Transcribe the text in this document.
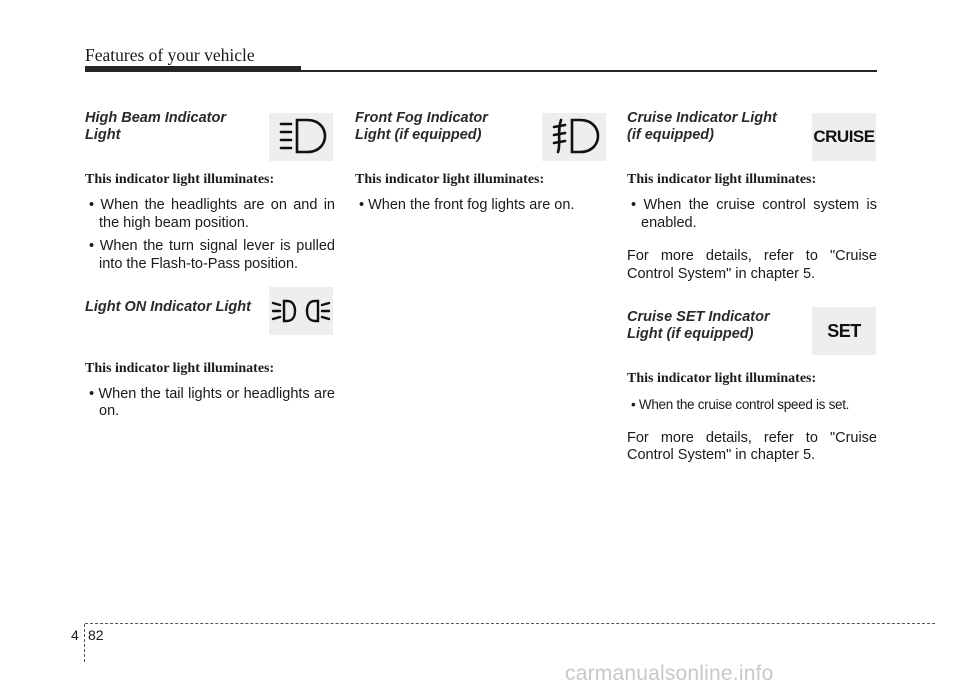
Features of your vehicle

High Beam Indicator
Light

This indicator light illuminates:

• When the headlights are on and in the high beam position.

• When the turn signal lever is pulled into the Flash-to-Pass position.

Light ON Indicator Light

This indicator light illuminates:

• When the tail lights or headlights are on.

Front Fog Indicator
Light (if equipped)

This indicator light illuminates:

• When the front fog lights are on.

Cruise Indicator Light
(if equipped)

This indicator light illuminates:

• When the cruise control system is enabled.

For more details, refer to "Cruise Control System" in chapter 5.

Cruise SET Indicator
Light (if equipped)

This indicator light illuminates:

• When the cruise control speed is set.

For more details, refer to "Cruise Control System" in chapter 5.

CRUISE
SET
4 82
carmanualsonline.info
